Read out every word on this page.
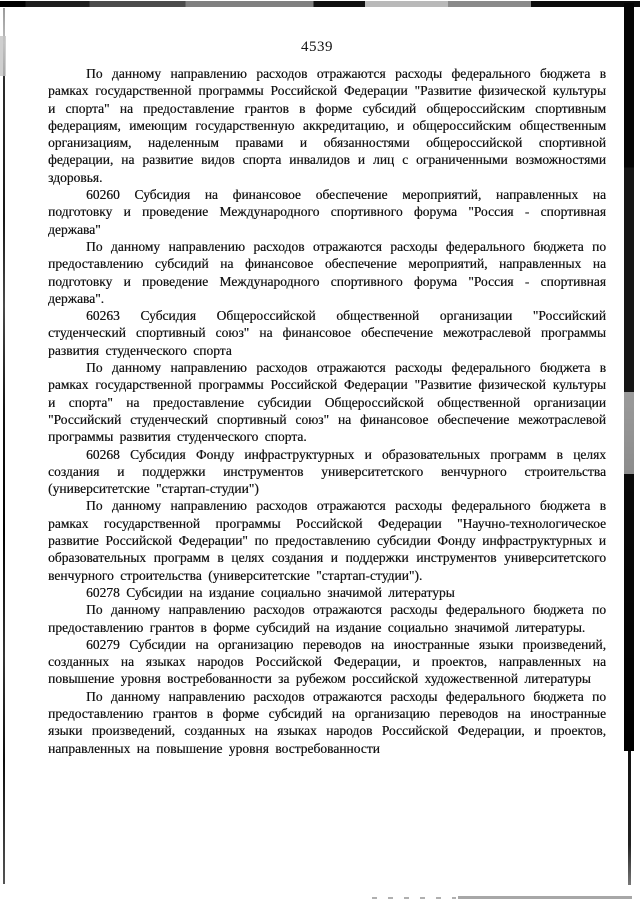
4539

По данному направлению расходов отражаются расходы федерального бюджета в рамках государственной программы Российской Федерации "Развитие физической культуры и спорта" на предоставление грантов в форме субсидий общероссийским спортивным федерациям, имеющим государственную аккредитацию, и общероссийским общественным организациям, наделенным правами и обязанностями общероссийской спортивной федерации, на развитие видов спорта инвалидов и лиц с ограниченными возможностями здоровья.

60260 Субсидия на финансовое обеспечение мероприятий, направленных на подготовку и проведение Международного спортивного форума "Россия - спортивная держава"

По данному направлению расходов отражаются расходы федерального бюджета по предоставлению субсидий на финансовое обеспечение мероприятий, направленных на подготовку и проведение Международного спортивного форума "Россия - спортивная держава".

60263 Субсидия Общероссийской общественной организации "Российский студенческий спортивный союз" на финансовое обеспечение межотраслевой программы развития студенческого спорта

По данному направлению расходов отражаются расходы федерального бюджета в рамках государственной программы Российской Федерации "Развитие физической культуры и спорта" на предоставление субсидии Общероссийской общественной организации "Российский студенческий спортивный союз" на финансовое обеспечение межотраслевой программы развития студенческого спорта.

60268 Субсидия Фонду инфраструктурных и образовательных программ в целях создания и поддержки инструментов университетского венчурного строительства (университетские "стартап-студии")

По данному направлению расходов отражаются расходы федерального бюджета в рамках государственной программы Российской Федерации "Научно-технологическое развитие Российской Федерации" по предоставлению субсидии Фонду инфраструктурных и образовательных программ в целях создания и поддержки инструментов университетского венчурного строительства (университетские "стартап-студии").

60278 Субсидии на издание социально значимой литературы

По данному направлению расходов отражаются расходы федерального бюджета по предоставлению грантов в форме субсидий на издание социально значимой литературы.

60279 Субсидии на организацию переводов на иностранные языки произведений, созданных на языках народов Российской Федерации, и проектов, направленных на повышение уровня востребованности за рубежом российской художественной литературы

По данному направлению расходов отражаются расходы федерального бюджета по предоставлению грантов в форме субсидий на организацию переводов на иностранные языки произведений, созданных на языках народов Российской Федерации, и проектов, направленных на повышение уровня востребованности
